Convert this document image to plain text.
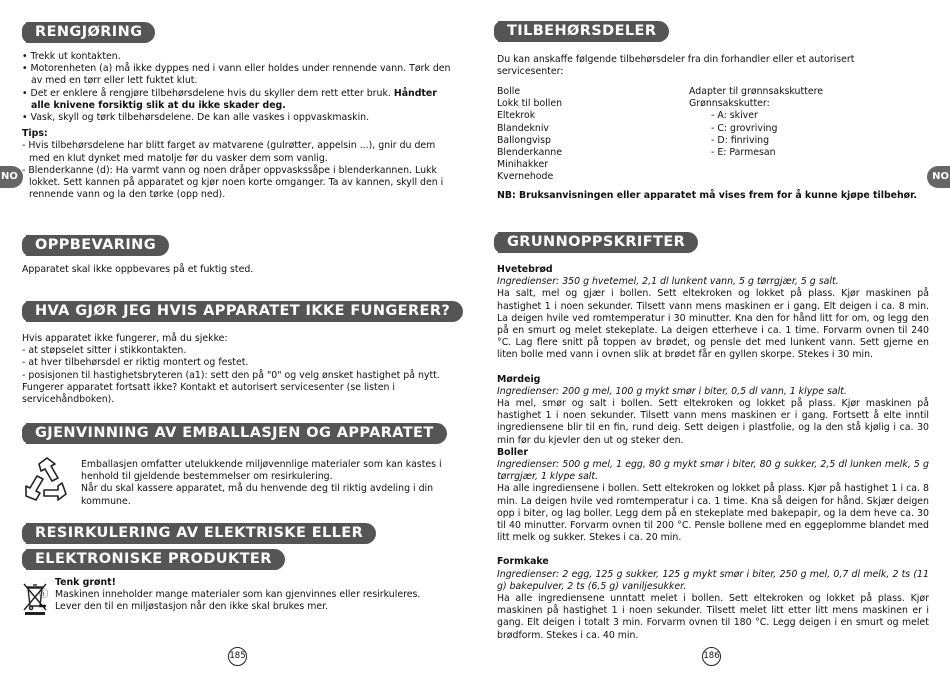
RENGJØRING
• Trekk ut kontakten.
• Motorenheten (a) må ikke dyppes ned i vann eller holdes under rennende vann. Tørk den av med en tørr eller lett fuktet klut.
• Det er enklere å rengjøre tilbehørsdelene hvis du skyller dem rett etter bruk. Håndter alle knivene forsiktig slik at du ikke skader deg.
• Vask, skyll og tørk tilbehørsdelene. De kan alle vaskes i oppvaskmaskin.

Tips:

- Hvis tilbehørsdelene har blitt farget av matvarene (gulrøtter, appelsin ...), gnir du dem med en klut dynket med matolje før du vasker dem som vanlig.
- Blenderkanne (d): Ha varmt vann og noen dråper oppvaskssåpe i blenderkannen. Lukk lokket. Sett kannen på apparatet og kjør noen korte omganger. Ta av kannen, skyll den i rennende vann og la den tørke (opp ned).
NO
OPPBEVARING
Apparatet skal ikke oppbevares på et fuktig sted.
HVA GJØR JEG HVIS APPARATET IKKE FUNGERER?

Hvis apparatet ikke fungerer, må du sjekke:

- at støpselet sitter i stikkontakten.
- at hver tilbehørsdel er riktig montert og festet.
- posisjonen til hastighetsbryteren (a1): sett den på "0" og velg ønsket hastighet på nytt.

Fungerer apparatet fortsatt ikke? Kontakt et autorisert servicesenter (se listen i servicehåndboken).

GJENVINNING AV EMBALLASJEN OG APPARATET

Emballasjen omfatter utelukkende miljøvennlige materialer som kan kastes i henhold til gjeldende bestemmelser om resirkulering.

Når du skal kassere apparatet, må du henvende deg til riktig avdeling i din kommune.

RESIRKULERING AV ELEKTRISKE ELLER
ELEKTRONISKE PRODUKTER

Tenk grønt!

ⓘ Maskinen inneholder mange materialer som kan gjenvinnes eller resirkuleres.

➦ Lever den til en miljøstasjon når den ikke skal brukes mer.

185
TILBEHØRSDELER
Du kan anskaffe følgende tilbehørsdeler fra din forhandler eller et autorisert servicesenter:

Bolle

Lokk til bollen

Eltekrok

Blandekniv

Ballongvisp

Blenderkanne

Minihakker

Kvernehode

Adapter til grønnsakskuttere

Grønnsakskutter:

- A: skiver

- C: grovriving

- D: finriving

- E: Parmesan

NB: Bruksanvisningen eller apparatet må vises frem for å kunne kjøpe tilbehør.
NO
GRUNNOPPSKRIFTER

Hvetebrød

Ingredienser: 350 g hvetemel, 2,1 dl lunkent vann, 5 g tørrgjær, 5 g salt.

Ha salt, mel og gjær i bollen. Sett eltekroken og lokket på plass. Kjør maskinen på hastighet 1 i noen sekunder. Tilsett vann mens maskinen er i gang. Elt deigen i ca. 8 min. La deigen hvile ved romtemperatur i 30 minutter. Kna den for hånd litt for om, og legg den på en smurt og melet stekeplate. La deigen etterheve i ca. 1 time. Forvarm ovnen til 240 °C. Lag flere snitt på toppen av brødet, og pensle det med lunkent vann. Sett gjerne en liten bolle med vann i ovnen slik at brødet får en gyllen skorpe. Stekes i 30 min.

Mørdeig

Ingredienser: 200 g mel, 100 g mykt smør i biter, 0,5 dl vann, 1 klype salt.

Ha mel, smør og salt i bollen. Sett eltekroken og lokket på plass. Kjør maskinen på hastighet 1 i noen sekunder. Tilsett vann mens maskinen er i gang. Fortsett å elte inntil ingrediensene blir til en fin, rund deig. Sett deigen i plastfolie, og la den stå kjølig i ca. 30 min før du kjevler den ut og steker den.

Boller

Ingredienser: 500 g mel, 1 egg, 80 g mykt smør i biter, 80 g sukker, 2,5 dl lunken melk, 5 g tørrgjær, 1 klype salt.

Ha alle ingrediensene i bollen. Sett eltekroken og lokket på plass. Kjør på hastighet 1 i ca. 8 min. La deigen hvile ved romtemperatur i ca. 1 time. Kna så deigen for hånd. Skjær deigen opp i biter, og lag boller. Legg dem på en stekeplate med bakepapir, og la dem heve ca. 30 til 40 minutter. Forvarm ovnen til 200 °C. Pensle bollene med en eggeplomme blandet med litt melk og sukker. Stekes i ca. 20 min.

Formkake

Ingredienser: 2 egg, 125 g sukker, 125 g mykt smør i biter, 250 g mel, 0,7 dl melk, 2 ts (11 g) bakepulver, 2 ts (6,5 g) vaniljesukker.

Ha alle ingrediensene unntatt melet i bollen. Sett eltekroken og lokket på plass. Kjør maskinen på hastighet 1 i noen sekunder. Tilsett melet litt etter litt mens maskinen er i gang. Elt deigen i totalt 3 min. Forvarm ovnen til 180 °C. Legg deigen i en smurt og melet brødform. Stekes i ca. 40 min.

186
